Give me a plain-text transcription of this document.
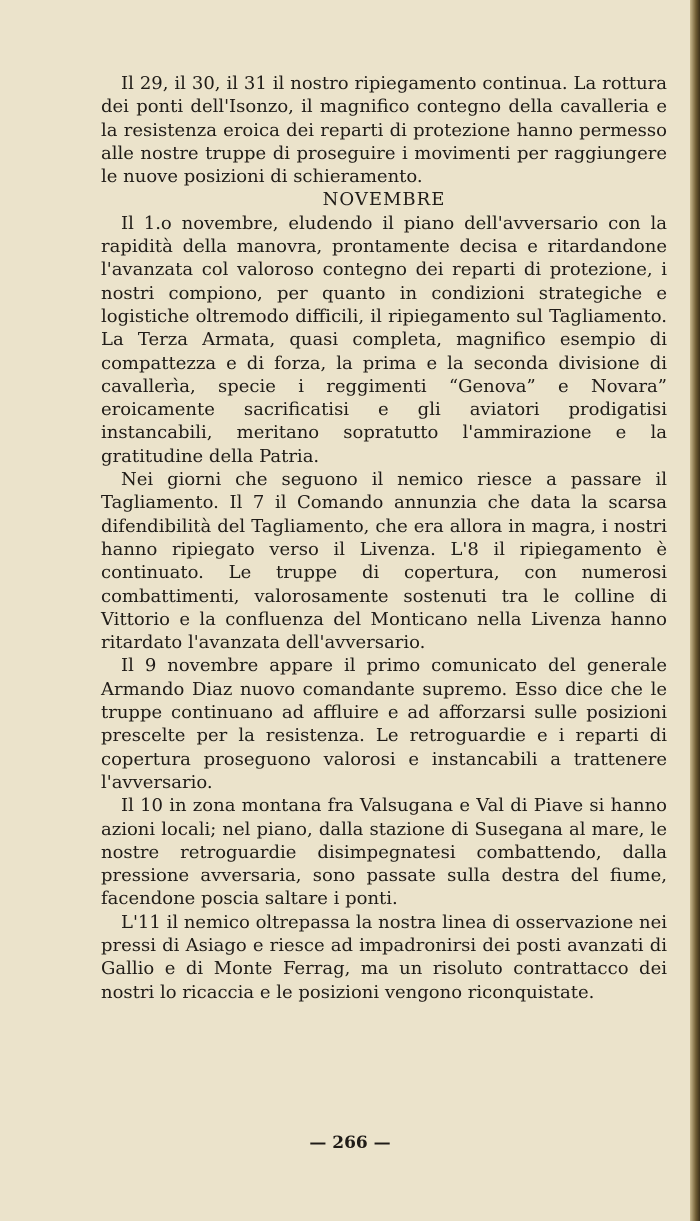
Il 29, il 30, il 31 il nostro ripiegamento continua. La rottura dei ponti dell'Isonzo, il magnifico contegno della cavalleria e la resistenza eroica dei reparti di protezione hanno permesso alle nostre truppe di proseguire i movimenti per raggiungere le nuove posizioni di schieramento.

NOVEMBRE

Il 1.o novembre, eludendo il piano dell'avversario con la rapidità della manovra, prontamente decisa e ritardandone l'avanzata col valoroso contegno dei reparti di protezione, i nostri compiono, per quanto in condizioni strategiche e logistiche oltremodo difficili, il ripiegamento sul Tagliamento. La Terza Armata, quasi completa, magnifico esempio di compattezza e di forza, la prima e la seconda divisione di cavallerìa, specie i reggimenti “Genova” e Novara” eroicamente sacrificatisi e gli aviatori prodigatisi instancabili, meritano sopratutto l'ammirazione e la gratitudine della Patria.

Nei giorni che seguono il nemico riesce a passare il Tagliamento. Il 7 il Comando annunzia che data la scarsa difendibilità del Tagliamento, che era allora in magra, i nostri hanno ripiegato verso il Livenza. L'8 il ripiegamento è continuato. Le truppe di copertura, con numerosi combattimenti, valorosamente sostenuti tra le colline di Vittorio e la confluenza del Monticano nella Livenza hanno ritardato l'avanzata dell'avversario.

Il 9 novembre appare il primo comunicato del generale Armando Diaz nuovo comandante supremo. Esso dice che le truppe continuano ad affluire e ad afforzarsi sulle posizioni prescelte per la resistenza. Le retroguardie e i reparti di copertura proseguono valorosi e instancabili a trattenere l'avversario.

Il 10 in zona montana fra Valsugana e Val di Piave si hanno azioni locali; nel piano, dalla stazione di Susegana al mare, le nostre retroguardie disimpegnatesi combattendo, dalla pressione avversaria, sono passate sulla destra del fiume, facendone poscia saltare i ponti.

L'11 il nemico oltrepassa la nostra linea di osservazione nei pressi di Asiago e riesce ad impadronirsi dei posti avanzati di Gallio e di Monte Ferrag, ma un risoluto contrattacco dei nostri lo ricaccia e le posizioni vengono riconquistate.

— 266 —
